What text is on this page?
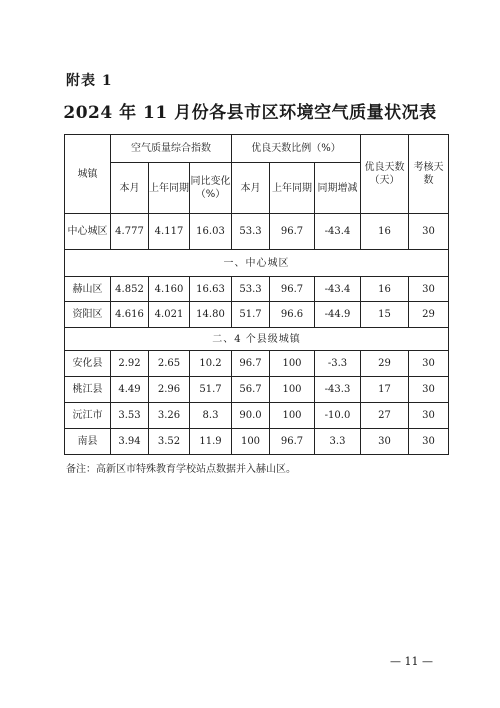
附表 1
2024 年 11 月份各县市区环境空气质量状况表
城镇	空气质量综合指数			优良天数比例（%）			优良天数（天）	考核天数
	本月	上年同期	同比变化（%）	本月	上年同期	同期增减		
中心城区	4.777	4.117	16.03	53.3	96.7	-43.4	16	30
一、中心城区								
赫山区	4.852	4.160	16.63	53.3	96.7	-43.4	16	30
资阳区	4.616	4.021	14.80	51.7	96.6	-44.9	15	29
二、4 个县级城镇								
安化县	2.92	2.65	10.2	96.7	100	-3.3	29	30
桃江县	4.49	2.96	51.7	56.7	100	-43.3	17	30
沅江市	3.53	3.26	8.3	90.0	100	-10.0	27	30
南县	3.94	3.52	11.9	100	96.7	3.3	30	30
备注：高新区市特殊教育学校站点数据并入赫山区。
— 11 —
